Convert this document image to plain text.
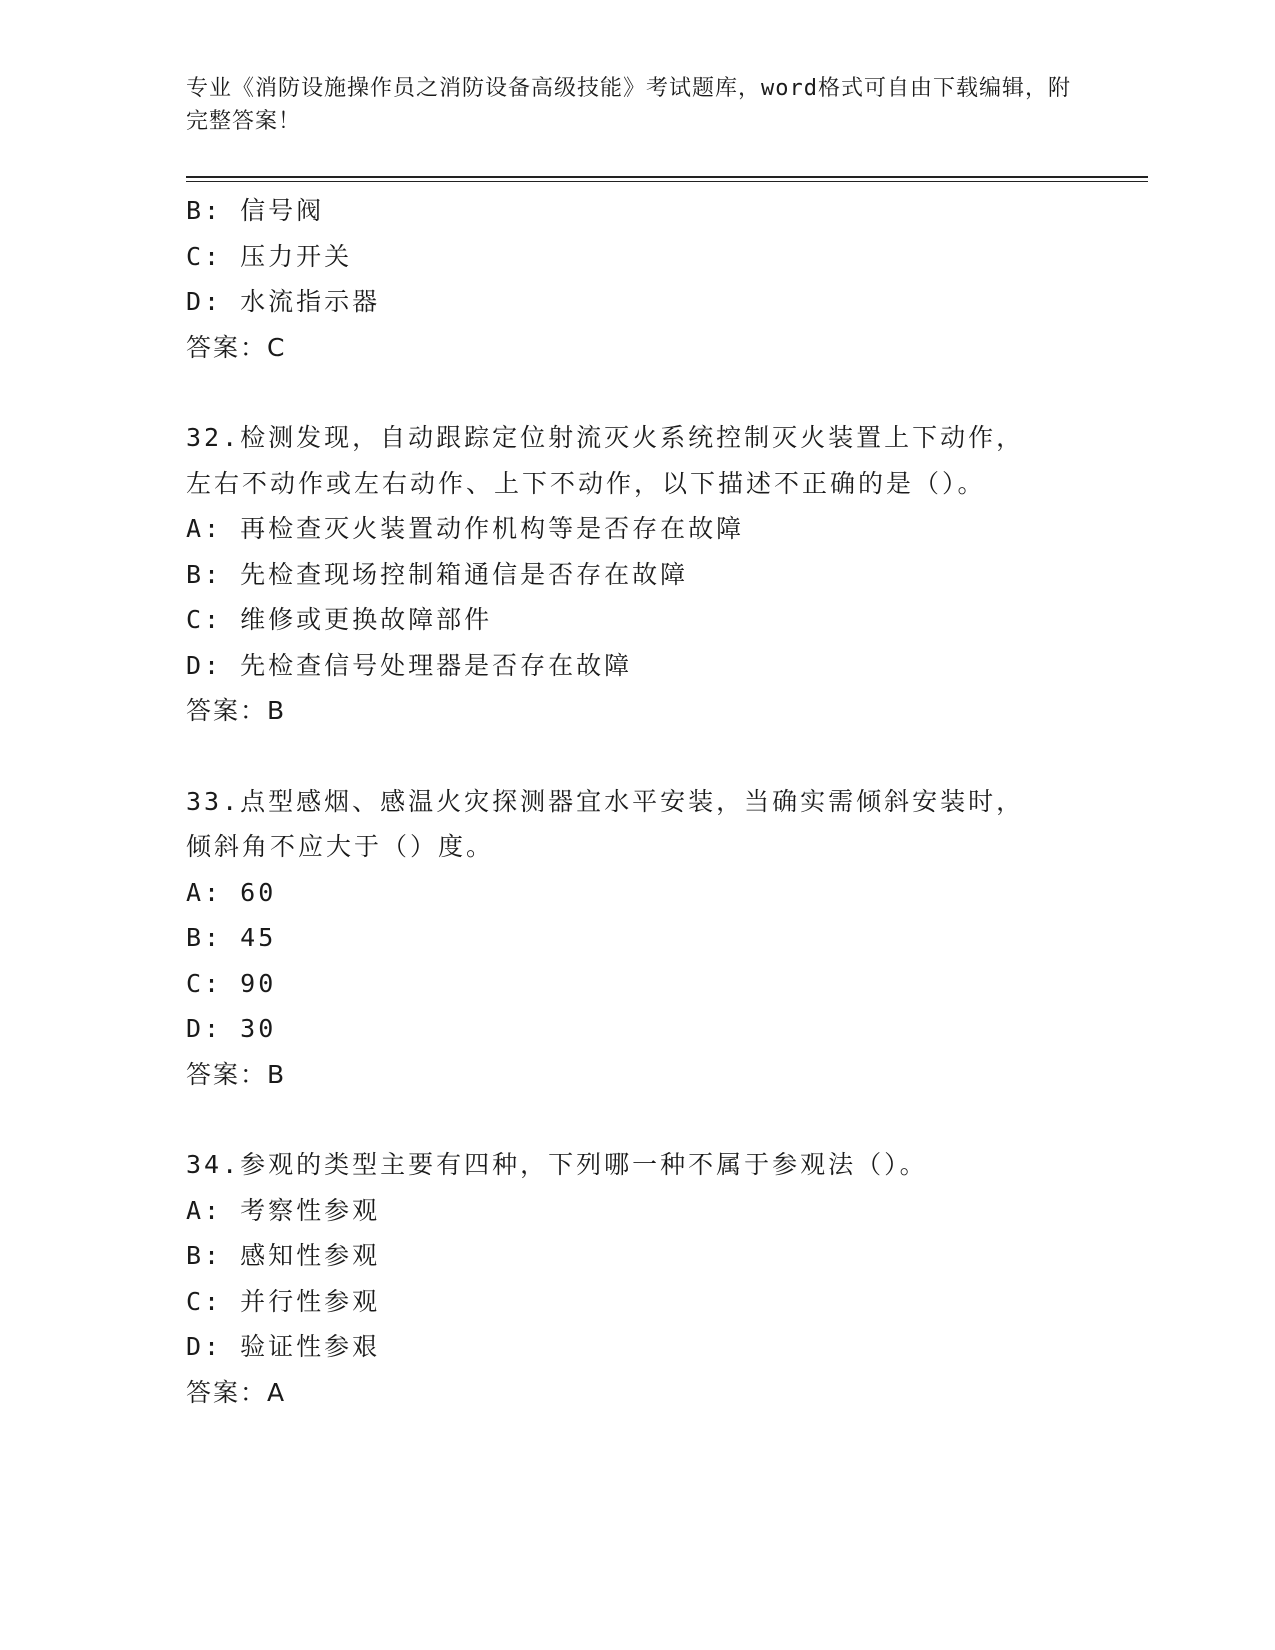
专业《消防设施操作员之消防设备高级技能》考试题库，word格式可自由下载编辑，附完整答案！
B: 信号阀
C: 压力开关
D: 水流指示器
答案：C
32.检测发现，自动跟踪定位射流灭火系统控制灭火装置上下动作，左右不动作或左右动作、上下不动作，以下描述不正确的是（）。
A: 再检查灭火装置动作机构等是否存在故障
B: 先检查现场控制箱通信是否存在故障
C: 维修或更换故障部件
D: 先检查信号处理器是否存在故障
答案：B
33.点型感烟、感温火灾探测器宜水平安装，当确实需倾斜安装时，倾斜角不应大于（）度。
A: 60
B: 45
C: 90
D: 30
答案：B
34.参观的类型主要有四种，下列哪一种不属于参观法（）。
A: 考察性参观
B: 感知性参观
C: 并行性参观
D: 验证性参艰
答案：A
